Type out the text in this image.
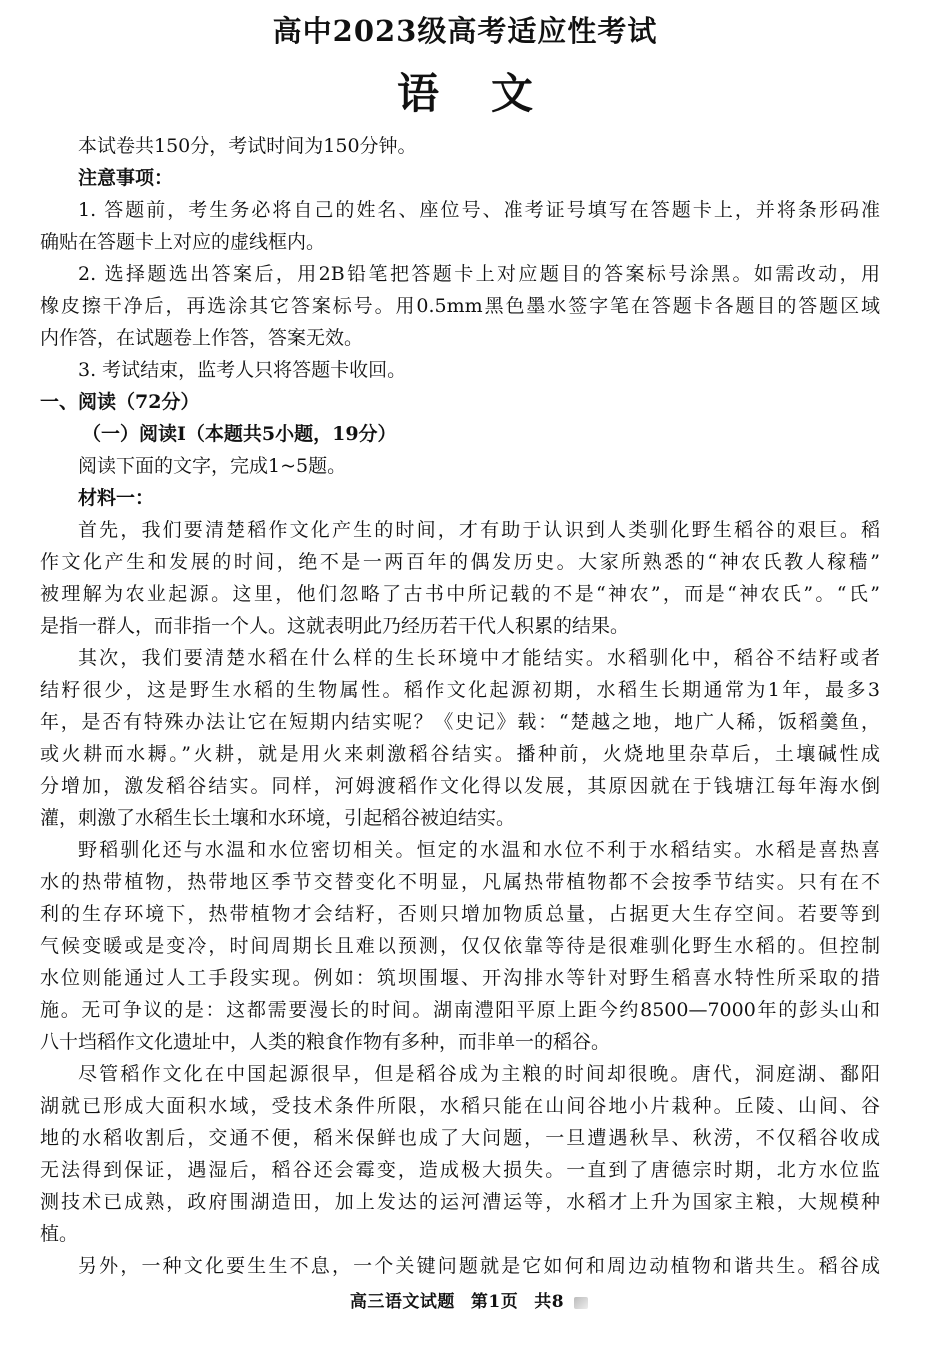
高中2023级高考适应性考试
语 文
本试卷共150分，考试时间为150分钟。
注意事项：
1. 答题前，考生务必将自己的姓名、座位号、准考证号填写在答题卡上，并将条形码准
确贴在答题卡上对应的虚线框内。
2. 选择题选出答案后，用2B铅笔把答题卡上对应题目的答案标号涂黑。如需改动，用
橡皮擦干净后，再选涂其它答案标号。用0.5mm黑色墨水签字笔在答题卡各题目的答题区域
内作答，在试题卷上作答，答案无效。
3. 考试结束，监考人只将答题卡收回。
一、阅读（72分）
（一）阅读Ⅰ（本题共5小题，19分）
阅读下面的文字，完成1~5题。
材料一：
首先，我们要清楚稻作文化产生的时间，才有助于认识到人类驯化野生稻谷的艰巨。稻
作文化产生和发展的时间，绝不是一两百年的偶发历史。大家所熟悉的“神农氏教人稼穑”
被理解为农业起源。这里，他们忽略了古书中所记载的不是“神农”，而是“神农氏”。“氏”
是指一群人，而非指一个人。这就表明此乃经历若干代人积累的结果。
其次，我们要清楚水稻在什么样的生长环境中才能结实。水稻驯化中，稻谷不结籽或者
结籽很少，这是野生水稻的生物属性。稻作文化起源初期，水稻生长期通常为1年，最多3
年，是否有特殊办法让它在短期内结实呢？《史记》载：“楚越之地，地广人稀，饭稻羹鱼，
或火耕而水耨。”火耕，就是用火来刺激稻谷结实。播种前，火烧地里杂草后，土壤碱性成
分增加，激发稻谷结实。同样，河姆渡稻作文化得以发展，其原因就在于钱塘江每年海水倒
灌，刺激了水稻生长土壤和水环境，引起稻谷被迫结实。
野稻驯化还与水温和水位密切相关。恒定的水温和水位不利于水稻结实。水稻是喜热喜
水的热带植物，热带地区季节交替变化不明显，凡属热带植物都不会按季节结实。只有在不
利的生存环境下，热带植物才会结籽，否则只增加物质总量，占据更大生存空间。若要等到
气候变暖或是变冷，时间周期长且难以预测，仅仅依靠等待是很难驯化野生水稻的。但控制
水位则能通过人工手段实现。例如：筑坝围堰、开沟排水等针对野生稻喜水特性所采取的措
施。无可争议的是：这都需要漫长的时间。湖南澧阳平原上距今约8500—7000年的彭头山和
八十垱稻作文化遗址中，人类的粮食作物有多种，而非单一的稻谷。
尽管稻作文化在中国起源很早，但是稻谷成为主粮的时间却很晚。唐代，洞庭湖、鄱阳
湖就已形成大面积水域，受技术条件所限，水稻只能在山间谷地小片栽种。丘陵、山间、谷
地的水稻收割后，交通不便，稻米保鲜也成了大问题，一旦遭遇秋旱、秋涝，不仅稻谷收成
无法得到保证，遇湿后，稻谷还会霉变，造成极大损失。一直到了唐德宗时期，北方水位监
测技术已成熟，政府围湖造田，加上发达的运河漕运等，水稻才上升为国家主粮，大规模种
植。
另外，一种文化要生生不息，一个关键问题就是它如何和周边动植物和谐共生。稻谷成
高三语文试题 第1页 共8
